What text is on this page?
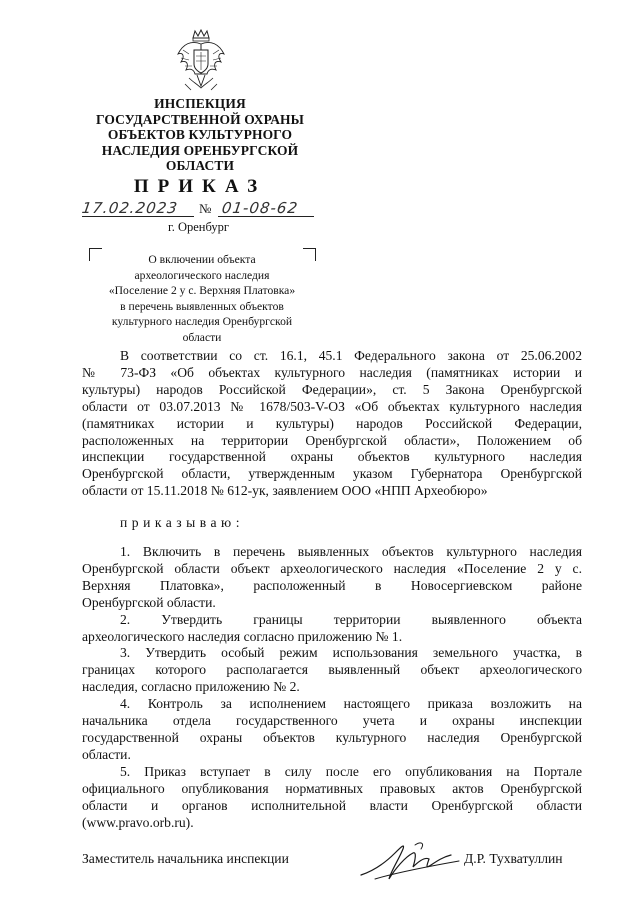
ИНСПЕКЦИЯ
ГОСУДАРСТВЕННОЙ ОХРАНЫ
ОБЪЕКТОВ КУЛЬТУРНОГО
НАСЛЕДИЯ ОРЕНБУРГСКОЙ
ОБЛАСТИ
ПРИКАЗ
17.02.2023 № 01-08-62
г. Оренбург
О включении объекта
археологического наследия
«Поселение 2 у с. Верхняя Платовка»
в перечень выявленных объектов
культурного наследия Оренбургской
области
В соответствии со ст. 16.1, 45.1 Федерального закона от 25.06.2002
№ 73-ФЗ «Об объектах культурного наследия (памятниках истории и
культуры) народов Российской Федерации», ст. 5 Закона Оренбургской
области от 03.07.2013 № 1678/503-V-ОЗ «Об объектах культурного наследия
(памятниках истории и культуры) народов Российской Федерации,
расположенных на территории Оренбургской области», Положением об
инспекции государственной охраны объектов культурного наследия
Оренбургской области, утвержденным указом Губернатора Оренбургской
области от 15.11.2018 № 612-ук, заявлением ООО «НПП Археобюро»
приказываю:
1. Включить в перечень выявленных объектов культурного наследия
Оренбургской области объект археологического наследия «Поселение 2 у с.
Верхняя Платовка», расположенный в Новосергиевском районе
Оренбургской области.
2. Утвердить границы территории выявленного объекта
археологического наследия согласно приложению № 1.
3. Утвердить особый режим использования земельного участка, в
границах которого располагается выявленный объект археологического
наследия, согласно приложению № 2.
4. Контроль за исполнением настоящего приказа возложить на
начальника отдела государственного учета и охраны инспекции
государственной охраны объектов культурного наследия Оренбургской
области.
5. Приказ вступает в силу после его опубликования на Портале
официального опубликования нормативных правовых актов Оренбургской
области и органов исполнительной власти Оренбургской области
(www.pravo.orb.ru).
Заместитель начальника инспекции	Д.Р. Тухватуллин
